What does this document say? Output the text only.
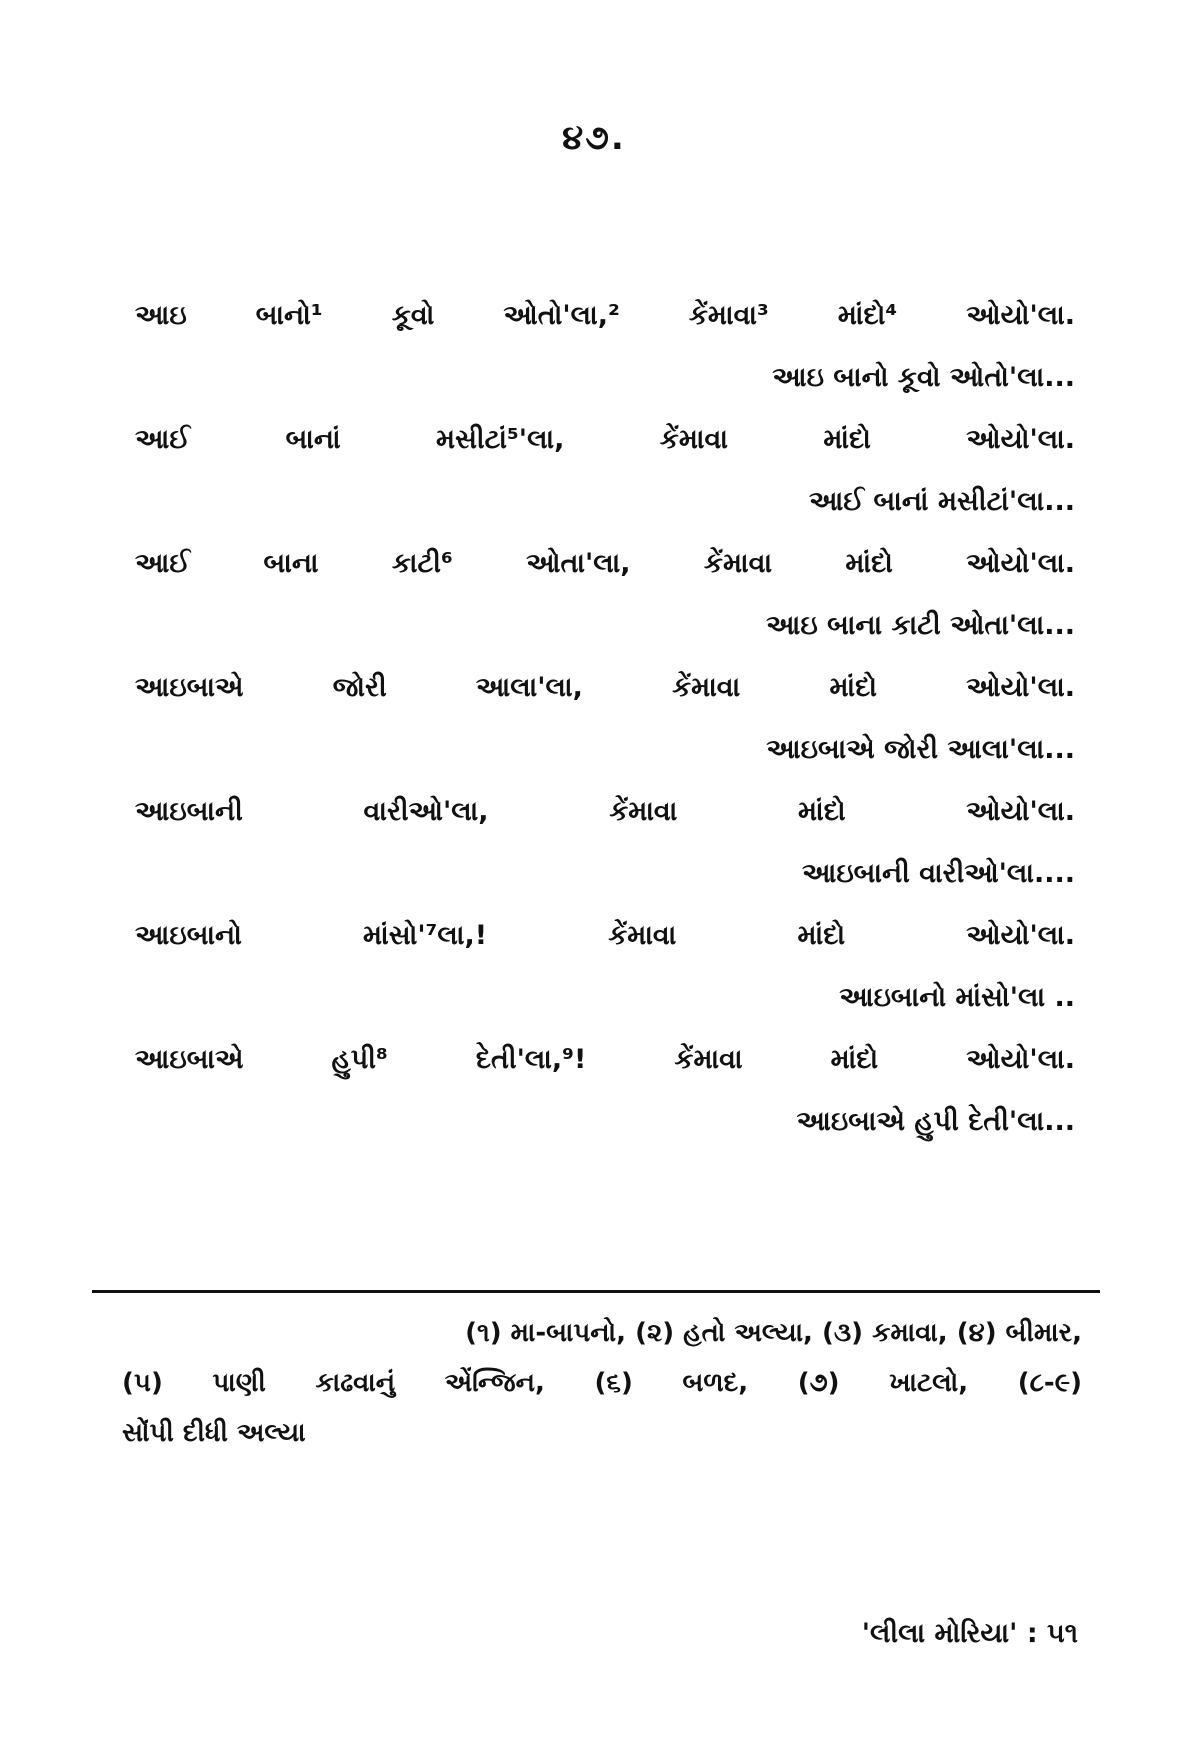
૪૭.
આઇ બાનો¹ કૂવો ઓતો'લા,² કેંમાવા³ માંદો⁴ ઓયો'લા.
આઇ બાનો કૂવો ઓતો'લા...
આઈ બાનાં મસીટાં⁵'લા, કેંમાવા માંદો ઓયો'લા.
આઈ બાનાં મસીટાં'લા...
આઈ બાના કાટી⁶ ઓતા'લા, કેંમાવા માંદો ઓયો'લા.
આઇ બાના કાટી ઓતા'લા...
આઇબાએ જોરી આલા'લા, કેંમાવા માંદો ઓયો'લા.
આઇબાએ જોરી આલા'લા...
આઇબાની વારીઓ'લા, કેંમાવા માંદો ઓયો'લા.
આઇબાની વારીઓ'લા....
આઇબાનો માંસો'⁷લા,! કેંમાવા માંદો ઓયો'લા.
આઇબાનો માંસો'લા ..
આઇબાએ હુપી⁸ દેતી'લા,⁹! કેંમાવા માંદો ઓયો'લા.
આઇબાએ હુપી દેતી'લા...
(૧) મા-બાપનો, (૨) હતો અલ્યા, (૩) કમાવા, (૪) બીમાર,
(૫) પાણી કાઢવાનું એંન્જિન, (૬) બળદ, (૭) ખાટલો, (૮-૯)
સોંપી દીધી અલ્યા
'લીલા મોરિયા' : ૫૧
